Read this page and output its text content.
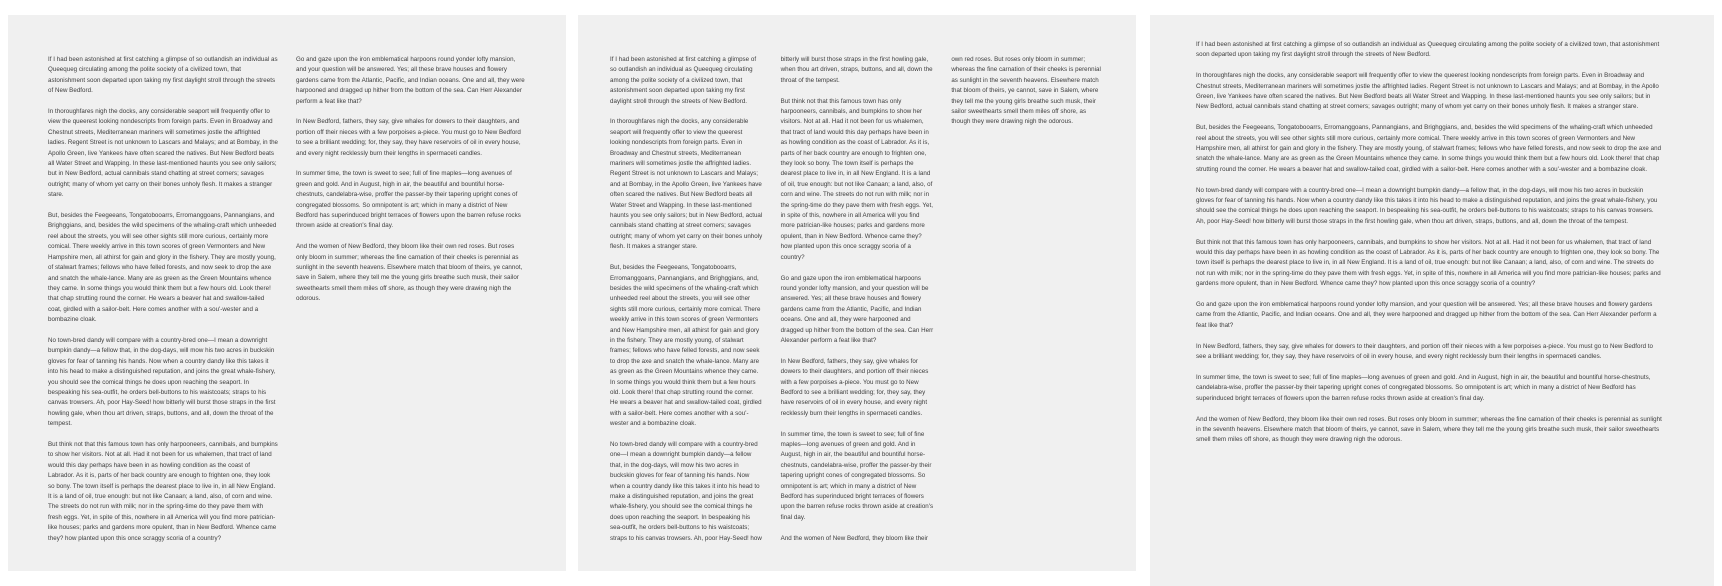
If I had been astonished at first catching a glimpse of so outlandish an individual as Queequeg circulating among the polite society of a civilized town, that astonishment soon departed upon taking my first daylight stroll through the streets of New Bedford.

In thoroughfares nigh the docks, any considerable seaport will frequently offer to view the queerest looking nondescripts from foreign parts. Even in Broadway and Chestnut streets, Mediterranean mariners will sometimes jostle the affrighted ladies. Regent Street is not unknown to Lascars and Malays; and at Bombay, in the Apollo Green, live Yankees have often scared the natives. But New Bedford beats all Water Street and Wapping. In these last-mentioned haunts you see only sailors; but in New Bedford, actual cannibals stand chatting at street corners; savages outright; many of whom yet carry on their bones unholy flesh. It makes a stranger stare.

But, besides the Feegeeans, Tongatobooarrs, Erromanggoans, Pannangians, and Brighggians, and, besides the wild specimens of the whaling-craft which unheeded reel about the streets, you will see other sights still more curious, certainly more comical. There weekly arrive in this town scores of green Vermonters and New Hampshire men, all athirst for gain and glory in the fishery. They are mostly young, of stalwart frames; fellows who have felled forests, and now seek to drop the axe and snatch the whale-lance. Many are as green as the Green Mountains whence they came. In some things you would think them but a few hours old. Look there! that chap strutting round the corner. He wears a beaver hat and swallow-tailed coat, girdled with a sailor-belt. Here comes another with a sou'-wester and a bombazine cloak.

No town-bred dandy will compare with a country-bred one—I mean a downright bumpkin dandy—a fellow that, in the dog-days, will mow his two acres in buckskin gloves for fear of tanning his hands. Now when a country dandy like this takes it into his head to make a distinguished reputation, and joins the great whale-fishery, you should see the comical things he does upon reaching the seaport. In bespeaking his sea-outfit, he orders bell-buttons to his waistcoats; straps to his canvas trowsers. Ah, poor Hay-Seed! how bitterly will burst those straps in the first howling gale, when thou art driven, straps, buttons, and all, down the throat of the tempest.

But think not that this famous town has only harpooneers, cannibals, and bumpkins to show her visitors. Not at all. Had it not been for us whalemen, that tract of land would this day perhaps have been in as howling condition as the coast of Labrador. As it is, parts of her back country are enough to frighten one, they look so bony. The town itself is perhaps the dearest place to live in, in all New England. It is a land of oil, true enough: but not like Canaan; a land, also, of corn and wine. The streets do not run with milk; nor in the spring-time do they pave them with fresh eggs. Yet, in spite of this, nowhere in all America will you find more patrician-like houses; parks and gardens more opulent, than in New Bedford. Whence came they? how planted upon this once scraggy scoria of a country?

Go and gaze upon the iron emblematical harpoons round yonder lofty mansion, and your question will be answered. Yes; all these brave houses and flowery gardens came from the Atlantic, Pacific, and Indian oceans. One and all, they were harpooned and dragged up hither from the bottom of the sea. Can Herr Alexander perform a feat like that?

In New Bedford, fathers, they say, give whales for dowers to their daughters, and portion off their nieces with a few porpoises a-piece. You must go to New Bedford to see a brilliant wedding; for, they say, they have reservoirs of oil in every house, and every night recklessly burn their lengths in spermaceti candles.

In summer time, the town is sweet to see; full of fine maples—long avenues of green and gold. And in August, high in air, the beautiful and bountiful horse-chestnuts, candelabra-wise, proffer the passer-by their tapering upright cones of congregated blossoms. So omnipotent is art; which in many a district of New Bedford has superinduced bright terraces of flowers upon the barren refuse rocks thrown aside at creation's final day.

And the women of New Bedford, they bloom like their own red roses. But roses only bloom in summer; whereas the fine carnation of their cheeks is perennial as sunlight in the seventh heavens. Elsewhere match that bloom of theirs, ye cannot, save in Salem, where they tell me the young girls breathe such musk, their sailor sweethearts smell them miles off shore, as though they were drawing nigh the odorous.

If I had been astonished at first catching a glimpse of so outlandish an individual as Queequeg circulating among the polite society of a civilized town, that astonishment soon departed upon taking my first daylight stroll through the streets of New Bedford.

In thoroughfares nigh the docks, any considerable seaport will frequently offer to view the queerest looking nondescripts from foreign parts. Even in Broadway and Chestnut streets, Mediterranean mariners will sometimes jostle the affrighted ladies. Regent Street is not unknown to Lascars and Malays; and at Bombay, in the Apollo Green, live Yankees have often scared the natives. But New Bedford beats all Water Street and Wapping. In these last-mentioned haunts you see only sailors; but in New Bedford, actual cannibals stand chatting at street corners; savages outright; many of whom yet carry on their bones unholy flesh. It makes a stranger stare.

But, besides the Feegeeans, Tongatobooarrs, Erromanggoans, Pannangians, and Brighggians, and, besides the wild specimens of the whaling-craft which unheeded reel about the streets, you will see other sights still more curious, certainly more comical. There weekly arrive in this town scores of green Vermonters and New Hampshire men, all athirst for gain and glory in the fishery. They are mostly young, of stalwart frames; fellows who have felled forests, and now seek to drop the axe and snatch the whale-lance. Many are as green as the Green Mountains whence they came. In some things you would think them but a few hours old. Look there! that chap strutting round the corner. He wears a beaver hat and swallow-tailed coat, girdled with a sailor-belt. Here comes another with a sou'-wester and a bombazine cloak.

No town-bred dandy will compare with a country-bred one—I mean a downright bumpkin dandy—a fellow that, in the dog-days, will mow his two acres in buckskin gloves for fear of tanning his hands. Now when a country dandy like this takes it into his head to make a distinguished reputation, and joins the great whale-fishery, you should see the comical things he does upon reaching the seaport. In bespeaking his sea-outfit, he orders bell-buttons to his waistcoats; straps to his canvas trowsers. Ah, poor Hay-Seed! how bitterly will burst those straps in the first howling gale, when thou art driven, straps, buttons, and all, down the throat of the tempest.

But think not that this famous town has only harpooneers, cannibals, and bumpkins to show her visitors. Not at all. Had it not been for us whalemen, that tract of land would this day perhaps have been in as howling condition as the coast of Labrador. As it is, parts of her back country are enough to frighten one, they look so bony. The town itself is perhaps the dearest place to live in, in all New England. It is a land of oil, true enough: but not like Canaan; a land, also, of corn and wine. The streets do not run with milk; nor in the spring-time do they pave them with fresh eggs. Yet, in spite of this, nowhere in all America will you find more patrician-like houses; parks and gardens more opulent, than in New Bedford. Whence came they? how planted upon this once scraggy scoria of a country?

Go and gaze upon the iron emblematical harpoons round yonder lofty mansion, and your question will be answered. Yes; all these brave houses and flowery gardens came from the Atlantic, Pacific, and Indian oceans. One and all, they were harpooned and dragged up hither from the bottom of the sea. Can Herr Alexander perform a feat like that?

In New Bedford, fathers, they say, give whales for dowers to their daughters, and portion off their nieces with a few porpoises a-piece. You must go to New Bedford to see a brilliant wedding; for, they say, they have reservoirs of oil in every house, and every night recklessly burn their lengths in spermaceti candles.

In summer time, the town is sweet to see; full of fine maples—long avenues of green and gold. And in August, high in air, the beautiful and bountiful horse-chestnuts, candelabra-wise, proffer the passer-by their tapering upright cones of congregated blossoms. So omnipotent is art; which in many a district of New Bedford has superinduced bright terraces of flowers upon the barren refuse rocks thrown aside at creation's final day.

And the women of New Bedford, they bloom like their own red roses. But roses only bloom in summer; whereas the fine carnation of their cheeks is perennial as sunlight in the seventh heavens. Elsewhere match that bloom of theirs, ye cannot, save in Salem, where they tell me the young girls breathe such musk, their sailor sweethearts smell them miles off shore, as though they were drawing nigh the odorous.

If I had been astonished at first catching a glimpse of so outlandish an individual as Queequeg circulating among the polite society of a civilized town, that astonishment soon departed upon taking my first daylight stroll through the streets of New Bedford.

In thoroughfares nigh the docks, any considerable seaport will frequently offer to view the queerest looking nondescripts from foreign parts. Even in Broadway and Chestnut streets, Mediterranean mariners will sometimes jostle the affrighted ladies. Regent Street is not unknown to Lascars and Malays; and at Bombay, in the Apollo Green, live Yankees have often scared the natives. But New Bedford beats all Water Street and Wapping. In these last-mentioned haunts you see only sailors; but in New Bedford, actual cannibals stand chatting at street corners; savages outright; many of whom yet carry on their bones unholy flesh. It makes a stranger stare.

But, besides the Feegeeans, Tongatobooarrs, Erromanggoans, Pannangians, and Brighggians, and, besides the wild specimens of the whaling-craft which unheeded reel about the streets, you will see other sights still more curious, certainly more comical. There weekly arrive in this town scores of green Vermonters and New Hampshire men, all athirst for gain and glory in the fishery. They are mostly young, of stalwart frames; fellows who have felled forests, and now seek to drop the axe and snatch the whale-lance. Many are as green as the Green Mountains whence they came. In some things you would think them but a few hours old. Look there! that chap strutting round the corner. He wears a beaver hat and swallow-tailed coat, girdled with a sailor-belt. Here comes another with a sou'-wester and a bombazine cloak.

No town-bred dandy will compare with a country-bred one—I mean a downright bumpkin dandy—a fellow that, in the dog-days, will mow his two acres in buckskin gloves for fear of tanning his hands. Now when a country dandy like this takes it into his head to make a distinguished reputation, and joins the great whale-fishery, you should see the comical things he does upon reaching the seaport. In bespeaking his sea-outfit, he orders bell-buttons to his waistcoats; straps to his canvas trowsers. Ah, poor Hay-Seed! how bitterly will burst those straps in the first howling gale, when thou art driven, straps, buttons, and all, down the throat of the tempest.

But think not that this famous town has only harpooneers, cannibals, and bumpkins to show her visitors. Not at all. Had it not been for us whalemen, that tract of land would this day perhaps have been in as howling condition as the coast of Labrador. As it is, parts of her back country are enough to frighten one, they look so bony. The town itself is perhaps the dearest place to live in, in all New England. It is a land of oil, true enough: but not like Canaan; a land, also, of corn and wine. The streets do not run with milk; nor in the spring-time do they pave them with fresh eggs. Yet, in spite of this, nowhere in all America will you find more patrician-like houses; parks and gardens more opulent, than in New Bedford. Whence came they? how planted upon this once scraggy scoria of a country?

Go and gaze upon the iron emblematical harpoons round yonder lofty mansion, and your question will be answered. Yes; all these brave houses and flowery gardens came from the Atlantic, Pacific, and Indian oceans. One and all, they were harpooned and dragged up hither from the bottom of the sea. Can Herr Alexander perform a feat like that?

In New Bedford, fathers, they say, give whales for dowers to their daughters, and portion off their nieces with a few porpoises a-piece. You must go to New Bedford to see a brilliant wedding; for, they say, they have reservoirs of oil in every house, and every night recklessly burn their lengths in spermaceti candles.

In summer time, the town is sweet to see; full of fine maples—long avenues of green and gold. And in August, high in air, the beautiful and bountiful horse-chestnuts, candelabra-wise, proffer the passer-by their tapering upright cones of congregated blossoms. So omnipotent is art; which in many a district of New Bedford has superinduced bright terraces of flowers upon the barren refuse rocks thrown aside at creation's final day.

And the women of New Bedford, they bloom like their own red roses. But roses only bloom in summer; whereas the fine carnation of their cheeks is perennial as sunlight in the seventh heavens. Elsewhere match that bloom of theirs, ye cannot, save in Salem, where they tell me the young girls breathe such musk, their sailor sweethearts smell them miles off shore, as though they were drawing nigh the odorous.
